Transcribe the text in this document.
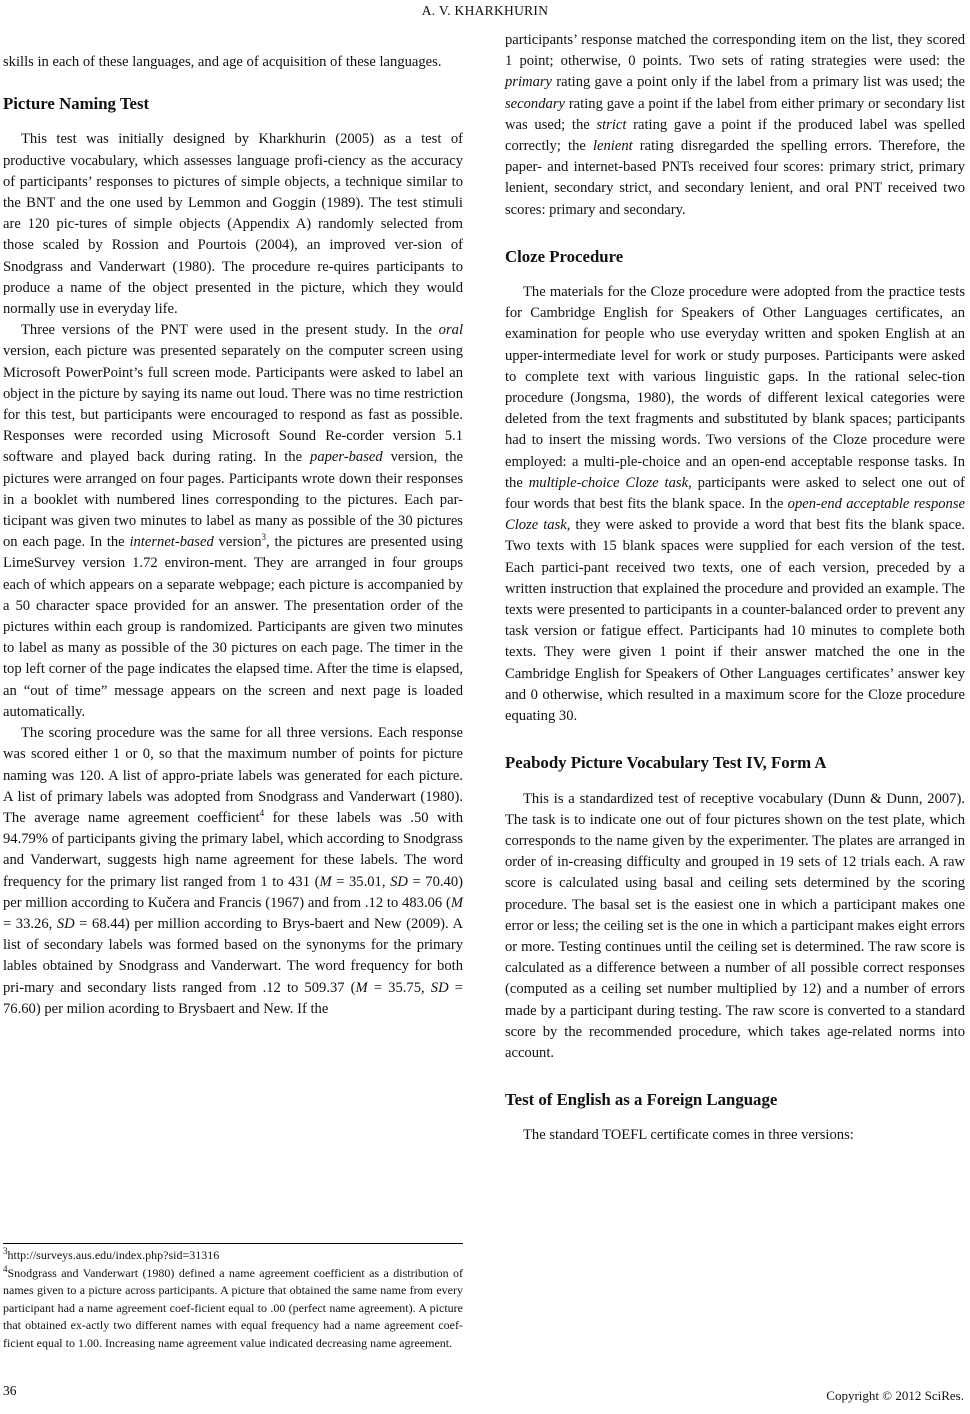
A. V. KHARKHURIN

skills in each of these languages, and age of acquisition of these languages.

Picture Naming Test

This test was initially designed by Kharkhurin (2005) as a test of productive vocabulary, which assesses language profi-ciency as the accuracy of participants’ responses to pictures of simple objects, a technique similar to the BNT and the one used by Lemmon and Goggin (1989). The test stimuli are 120 pic-tures of simple objects (Appendix A) randomly selected from those scaled by Rossion and Pourtois (2004), an improved ver-sion of Snodgrass and Vanderwart (1980). The procedure re-quires participants to produce a name of the object presented in the picture, which they would normally use in everyday life.

Three versions of the PNT were used in the present study. In the oral version, each picture was presented separately on the computer screen using Microsoft PowerPoint’s full screen mode. Participants were asked to label an object in the picture by saying its name out loud. There was no time restriction for this test, but participants were encouraged to respond as fast as possible. Responses were recorded using Microsoft Sound Re-corder version 5.1 software and played back during rating. In the paper-based version, the pictures were arranged on four pages. Participants wrote down their responses in a booklet with numbered lines corresponding to the pictures. Each par-ticipant was given two minutes to label as many as possible of the 30 pictures on each page. In the internet-based version$^3$, the pictures are presented using LimeSurvey version 1.72 environ-ment. They are arranged in four groups each of which appears on a separate webpage; each picture is accompanied by a 50 character space provided for an answer. The presentation order of the pictures within each group is randomized. Participants are given two minutes to label as many as possible of the 30 pictures on each page. The timer in the top left corner of the page indicates the elapsed time. After the time is elapsed, an “out of time” message appears on the screen and next page is loaded automatically.

The scoring procedure was the same for all three versions. Each response was scored either 1 or 0, so that the maximum number of points for picture naming was 120. A list of appro-priate labels was generated for each picture. A list of primary labels was adopted from Snodgrass and Vanderwart (1980). The average name agreement coefficient$^4$ for these labels was .50 with 94.79% of participants giving the primary label, which according to Snodgrass and Vanderwart, suggests high name agreement for these labels. The word frequency for the primary list ranged from 1 to 431 (M = 35.01, SD = 70.40) per million according to Kučera and Francis (1967) and from .12 to 483.06 (M = 33.26, SD = 68.44) per million according to Brys-baert and New (2009). A list of secondary labels was formed based on the synonyms for the primary lables obtained by Snodgrass and Vanderwart. The word frequency for both pri-mary and secondary lists ranged from .12 to 509.37 (M = 35.75, SD = 76.60) per milion acording to Brysbaert and New. If the

$^3$http://surveys.aus.edu/index.php?sid=31316

$^4$Snodgrass and Vanderwart (1980) defined a name agreement coefficient as a distribution of names given to a picture across participants. A picture that obtained the same name from every participant had a name agreement coef-ficient equal to .00 (perfect name agreement). A picture that obtained ex-actly two different names with equal frequency had a name agreement coef-ficient equal to 1.00. Increasing name agreement value indicated decreasing name agreement.

participants’ response matched the corresponding item on the list, they scored 1 point; otherwise, 0 points. Two sets of rating strategies were used: the primary rating gave a point only if the label from a primary list was used; the secondary rating gave a point if the label from either primary or secondary list was used; the strict rating gave a point if the produced label was spelled correctly; the lenient rating disregarded the spelling errors. Therefore, the paper- and internet-based PNTs received four scores: primary strict, primary lenient, secondary strict, and secondary lenient, and oral PNT received two scores: primary and secondary.

Cloze Procedure

The materials for the Cloze procedure were adopted from the practice tests for Cambridge English for Speakers of Other Languages certificates, an examination for people who use everyday written and spoken English at an upper-intermediate level for work or study purposes. Participants were asked to complete text with various linguistic gaps. In the rational selec-tion procedure (Jongsma, 1980), the words of different lexical categories were deleted from the text fragments and substituted by blank spaces; participants had to insert the missing words. Two versions of the Cloze procedure were employed: a multi-ple-choice and an open-end acceptable response tasks. In the multiple-choice Cloze task, participants were asked to select one out of four words that best fits the blank space. In the open-end acceptable response Cloze task, they were asked to provide a word that best fits the blank space. Two texts with 15 blank spaces were supplied for each version of the test. Each partici-pant received two texts, one of each version, preceded by a written instruction that explained the procedure and provided an example. The texts were presented to participants in a counter-balanced order to prevent any task version or fatigue effect. Participants had 10 minutes to complete both texts. They were given 1 point if their answer matched the one in the Cambridge English for Speakers of Other Languages certificates’ answer key and 0 otherwise, which resulted in a maximum score for the Cloze procedure equating 30.

Peabody Picture Vocabulary Test IV, Form A

This is a standardized test of receptive vocabulary (Dunn & Dunn, 2007). The task is to indicate one out of four pictures shown on the test plate, which corresponds to the name given by the experimenter. The plates are arranged in order of in-creasing difficulty and grouped in 19 sets of 12 trials each. A raw score is calculated using basal and ceiling sets determined by the scoring procedure. The basal set is the easiest one in which a participant makes one error or less; the ceiling set is the one in which a participant makes eight errors or more. Testing continues until the ceiling set is determined. The raw score is calculated as a difference between a number of all possible correct responses (computed as a ceiling set number multiplied by 12) and a number of errors made by a participant during testing. The raw score is converted to a standard score by the recommended procedure, which takes age-related norms into account.

Test of English as a Foreign Language

The standard TOEFL certificate comes in three versions:

36	Copyright © 2012 SciRes.
